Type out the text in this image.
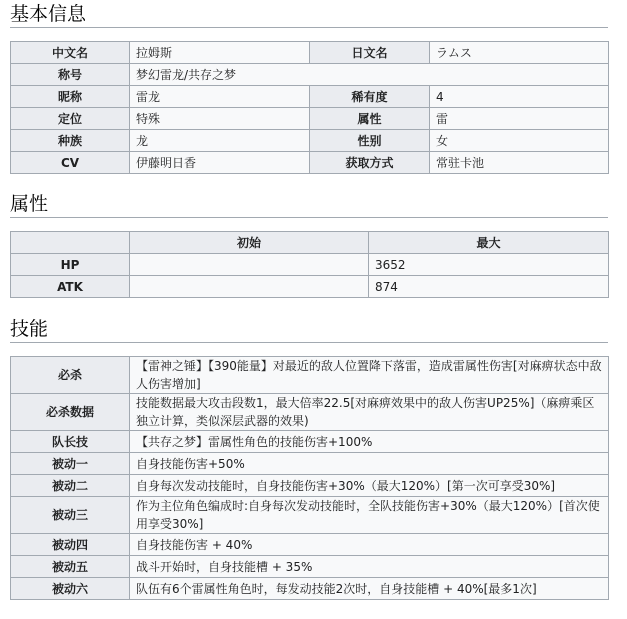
基本信息
中文名	拉姆斯	日文名	ラムス
称号	梦幻雷龙/共存之梦		
昵称	雷龙	稀有度	4
定位	特殊	属性	雷
种族	龙	性别	女
CV	伊藤明日香	获取方式	常驻卡池
属性
	初始	最大
HP		3652
ATK		874
技能
必杀	【雷神之锤】【390能量】对最近的敌人位置降下落雷，造成雷属性伤害[对麻痹状态中敌人伤害增加]
必杀数据	技能数据最大攻击段数1，最大倍率22.5[对麻痹效果中的敌人伤害UP25%]（麻痹乘区独立计算，类似深层武器的效果)
队长技	【共存之梦】雷属性角色的技能伤害+100%
被动一	自身技能伤害+50%
被动二	自身每次发动技能时，自身技能伤害+30%（最大120%）[第一次可享受30%]
被动三	作为主位角色编成时:自身每次发动技能时，全队技能伤害+30%（最大120%）[首次使用享受30%]
被动四	自身技能伤害 + 40%
被动五	战斗开始时，自身技能槽 + 35%
被动六	队伍有6个雷属性角色时，每发动技能2次时，自身技能槽 + 40%[最多1次]
